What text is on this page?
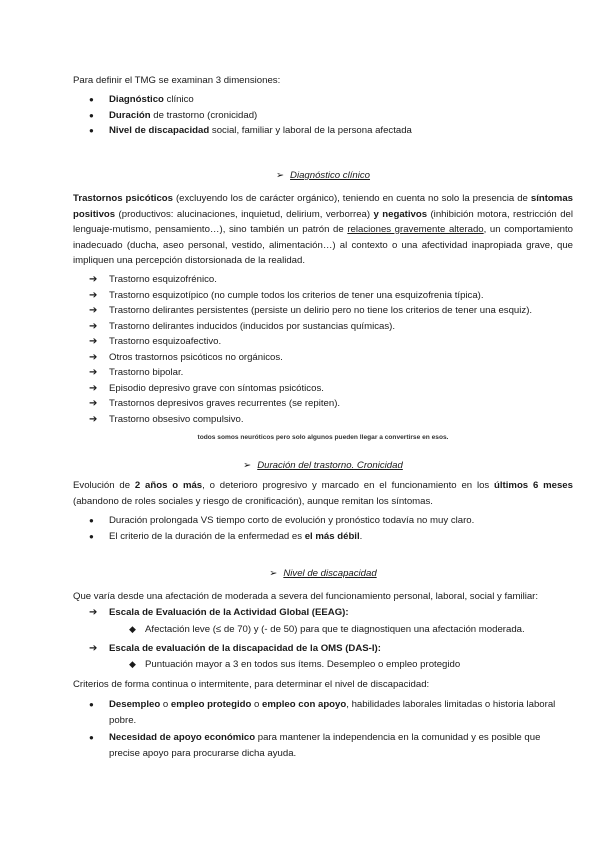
Para definir el TMG se examinan 3 dimensiones:

●
Diagnóstico clínico
●
Duración de trastorno (cronicidad)
●
Nivel de discapacidad social, familiar y laboral de la persona afectada

➢ Diagnóstico clínico

Trastornos psicóticos (excluyendo los de carácter orgánico), teniendo en cuenta no solo la presencia de síntomas positivos (productivos: alucinaciones, inquietud, delirium, verborrea) y negativos (inhibición motora, restricción del lenguaje-mutismo, pensamiento…), sino también un patrón de relaciones gravemente alterado, un comportamiento inadecuado (ducha, aseo personal, vestido, alimentación…) al contexto o una afectividad inapropiada grave, que impliquen una percepción distorsionada de la realidad.

➔
Trastorno esquizofrénico.
➔
Trastorno esquizotípico (no cumple todos los criterios de tener una esquizofrenia típica).
➔
Trastorno delirantes persistentes (persiste un delirio pero no tiene los criterios de tener una esquiz).
➔
Trastorno delirantes inducidos (inducidos por sustancias químicas).
➔
Trastorno esquizoafectivo.
➔
Otros trastornos psicóticos no orgánicos.
➔
Trastorno bipolar.
➔
Episodio depresivo grave con síntomas psicóticos.
➔
Trastornos depresivos graves recurrentes (se repiten).
➔
Trastorno obsesivo compulsivo.

todos somos neuróticos pero solo algunos pueden llegar a convertirse en esos.

➢ Duración del trastorno. Cronicidad

Evolución de 2 años o más, o deterioro progresivo y marcado en el funcionamiento en los últimos 6 meses (abandono de roles sociales y riesgo de cronificación), aunque remitan los síntomas.

●
Duración prolongada VS tiempo corto de evolución y pronóstico todavía no muy claro.
●
El criterio de la duración de la enfermedad es el más débil.

➢ Nivel de discapacidad

Que varía desde una afectación de moderada a severa del funcionamiento personal, laboral, social y familiar:

➔
Escala de Evaluación de la Actividad Global (EEAG):
◆
Afectación leve (≤ de 70) y (- de 50) para que te diagnostiquen una afectación moderada.
➔
Escala de evaluación de la discapacidad de la OMS (DAS-I):
◆
Puntuación mayor a 3 en todos sus ítems. Desempleo o empleo protegido

Criterios de forma continua o intermitente, para determinar el nivel de discapacidad:

●
Desempleo o empleo protegido o empleo con apoyo, habilidades laborales limitadas o historia laboral pobre.
●
Necesidad de apoyo económico para mantener la independencia en la comunidad y es posible que precise apoyo para procurarse dicha ayuda.
